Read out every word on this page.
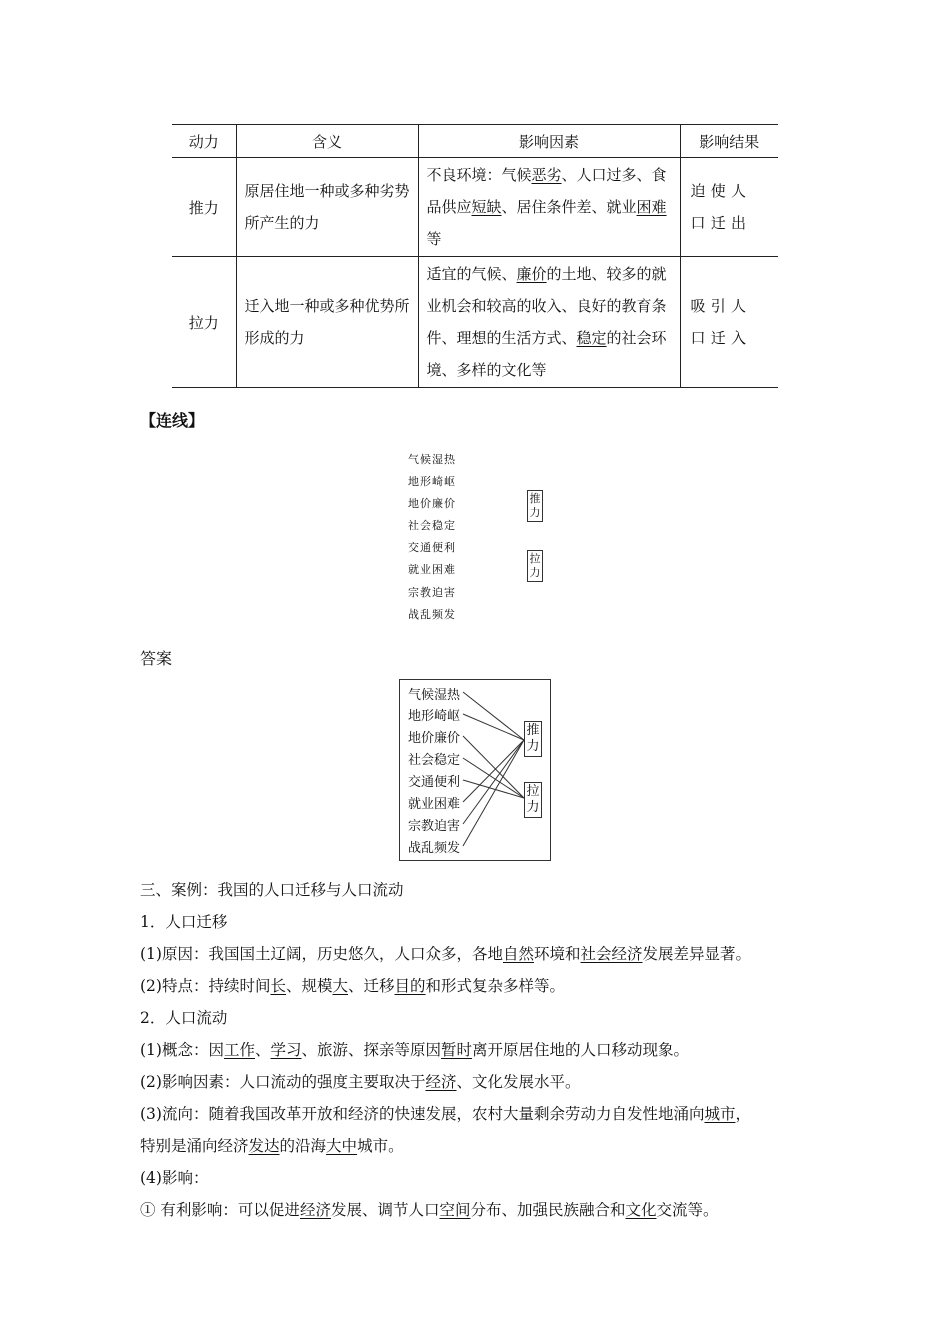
动力	含义	影响因素	影响结果
推力	原居住地一种或多种劣势所产生的力	不良环境：气候恶劣、人口过多、食品供应短缺、居住条件差、就业困难等	迫使人口迁出
拉力	迁入地一种或多种优势所形成的力	适宜的气候、廉价的土地、较多的就业机会和较高的收入、良好的教育条件、理想的生活方式、稳定的社会环境、多样的文化等	吸引人口迁入
【连线】
气候湿热
地形崎岖
地价廉价
社会稳定
交通便利
就业困难
宗教迫害
战乱频发
推
力
拉
力
答案
气候湿热
地形崎岖
地价廉价
社会稳定
交通便利
就业困难
宗教迫害
战乱频发
推
力
拉
力
三、案例：我国的人口迁移与人口流动
1．人口迁移
(1)原因：我国国土辽阔，历史悠久，人口众多，各地自然环境和社会经济发展差异显著。
(2)特点：持续时间长、规模大、迁移目的和形式复杂多样等。
2．人口流动
(1)概念：因工作、学习、旅游、探亲等原因暂时离开原居住地的人口移动现象。
(2)影响因素：人口流动的强度主要取决于经济、文化发展水平。
(3)流向：随着我国改革开放和经济的快速发展，农村大量剩余劳动力自发性地涌向城市，
特别是涌向经济发达的沿海大中城市。
(4)影响：
① 有利影响：可以促进经济发展、调节人口空间分布、加强民族融合和文化交流等。
